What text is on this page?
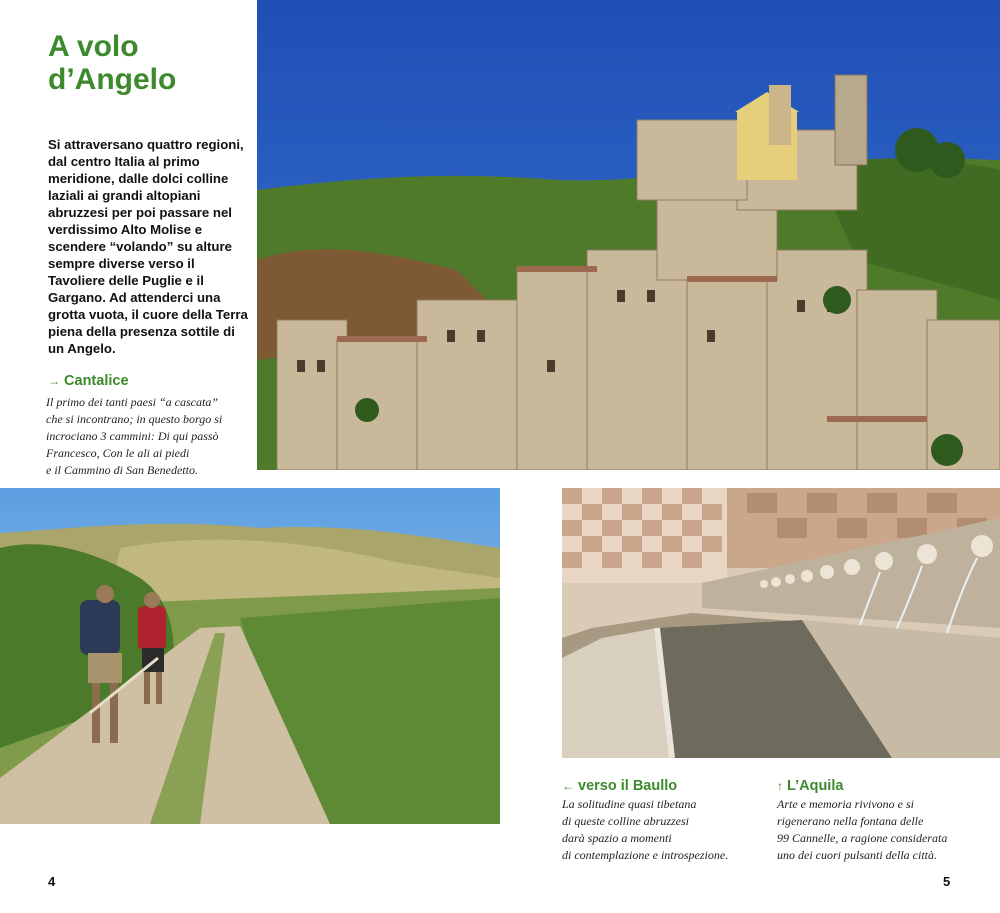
A volo
d’Angelo
Si attraversano quattro regioni, dal centro Italia al primo meridione, dalle dolci colline laziali ai grandi altopiani abruzzesi per poi passare nel verdissimo Alto Molise e scendere “volando” su alture sempre diverse verso il Tavoliere delle Puglie e il Gargano. Ad attenderci una grotta vuota, il cuore della Terra piena della presenza sottile di un Angelo.
→ Cantalice
Il primo dei tanti paesi “a cascata”
che si incontrano; in questo borgo si
incrociano 3 cammini: Di qui passò
Francesco, Con le ali ai piedi
e il Cammino di San Benedetto.
← verso il Baullo
La solitudine quasi tibetana
di queste colline abruzzesi
darà spazio a momenti
di contemplazione e introspezione.
↑ L’Aquila
Arte e memoria rivivono e si
rigenerano nella fontana delle
99 Cannelle, a ragione considerata
uno dei cuori pulsanti della città.
4	5
